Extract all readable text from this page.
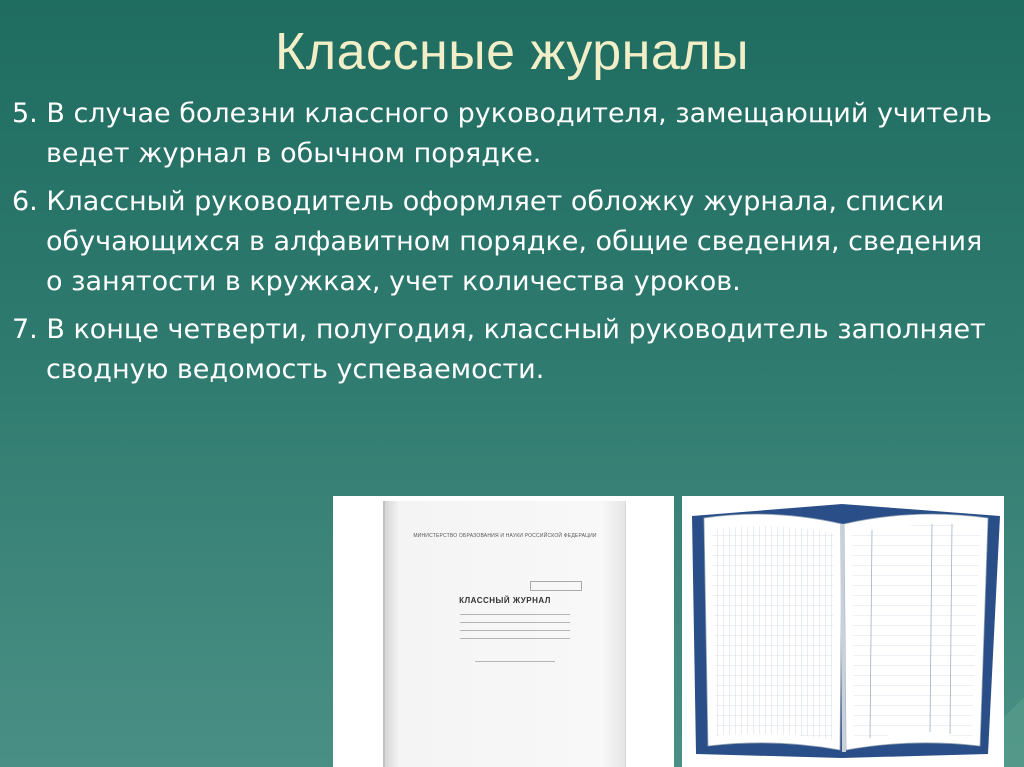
Классные журналы
5. В случае болезни классного руководителя, замещающий учитель ведет журнал в обычном порядке.
6. Классный руководитель оформляет обложку журнала, списки обучающихся в алфавитном порядке, общие сведения, сведения о занятости в кружках, учет количества уроков.
7. В конце четверти, полугодия, классный руководитель заполняет сводную ведомость успеваемости.
МИНИСТЕРСТВО ОБРАЗОВАНИЯ И НАУКИ РОССИЙСКОЙ ФЕДЕРАЦИИ
КЛАССНЫЙ ЖУРНАЛ
